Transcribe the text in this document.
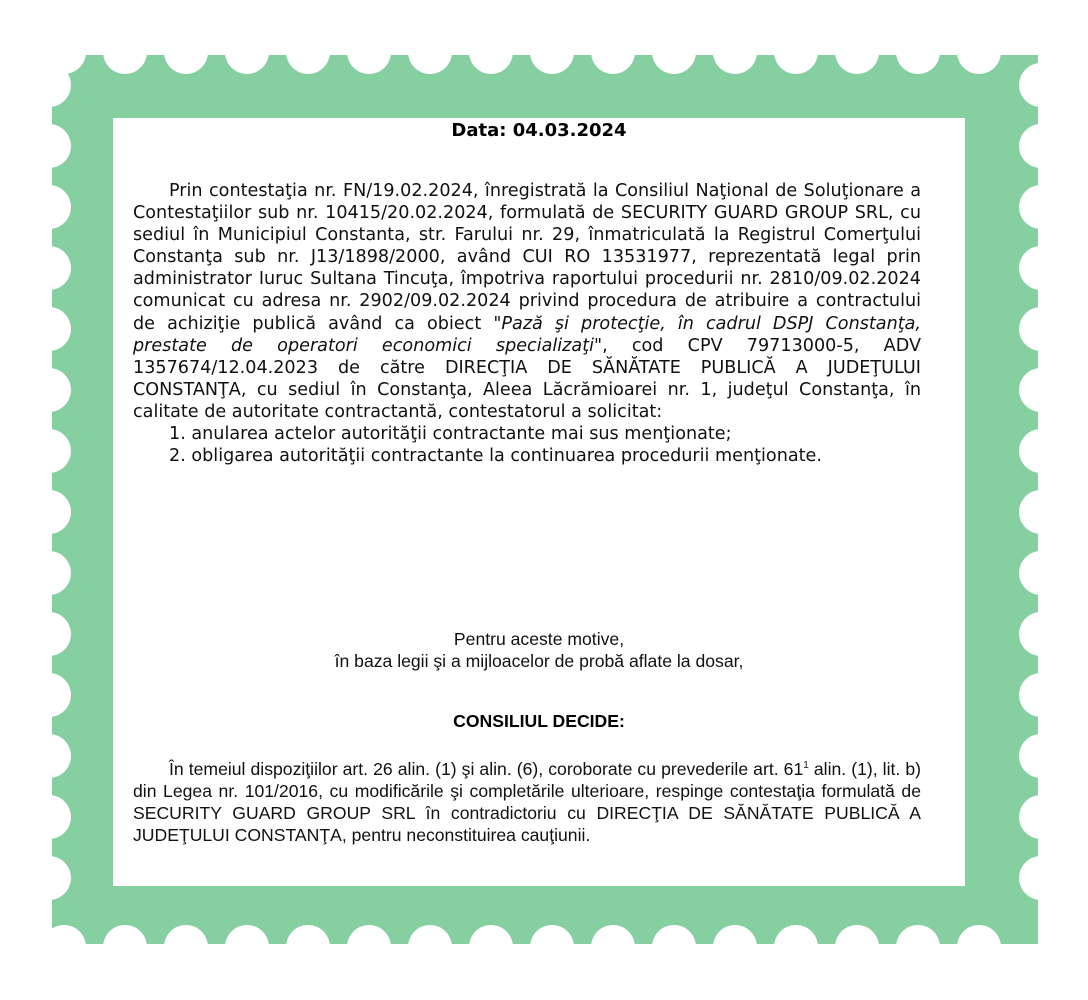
Data: 04.03.2024

Prin contestaţia nr. FN/19.02.2024, înregistrată la Consiliul Naţional de Soluţionare a Contestaţiilor sub nr. 10415/20.02.2024, formulată de SECURITY GUARD GROUP SRL, cu sediul în Municipiul Constanta, str. Farului nr. 29, înmatriculată la Registrul Comerţului Constanţa sub nr. J13/1898/2000, având CUI RO 13531977, reprezentată legal prin administrator Iuruc Sultana Tincuţa, împotriva raportului procedurii nr. 2810/09.02.2024 comunicat cu adresa nr. 2902/09.02.2024 privind procedura de atribuire a contractului de achiziţie publică având ca obiect "Pază şi protecţie, în cadrul DSPJ Constanţa, prestate de operatori economici specializaţi", cod CPV 79713000-5, ADV 1357674/12.04.2023 de către DIRECŢIA DE SĂNĂTATE PUBLICĂ A JUDEŢULUI CONSTANŢA, cu sediul în Constanţa, Aleea Lăcrămioarei nr. 1, judeţul Constanţa, în calitate de autoritate contractantă, contestatorul a solicitat:

1. anularea actelor autorităţii contractante mai sus menţionate;

2. obligarea autorităţii contractante la continuarea procedurii menţionate.

Pentru aceste motive,
în baza legii şi a mijloacelor de probă aflate la dosar,
CONSILIUL DECIDE:

În temeiul dispoziţiilor art. 26 alin. (1) şi alin. (6), coroborate cu prevederile art. $61^1$ alin. (1), lit. b) din Legea nr. 101/2016, cu modificările şi completările ulterioare, respinge contestaţia formulată de SECURITY GUARD GROUP SRL în contradictoriu cu DIRECŢIA DE SĂNĂTATE PUBLICĂ A JUDEŢULUI CONSTANŢA, pentru neconstituirea cauţiunii.
